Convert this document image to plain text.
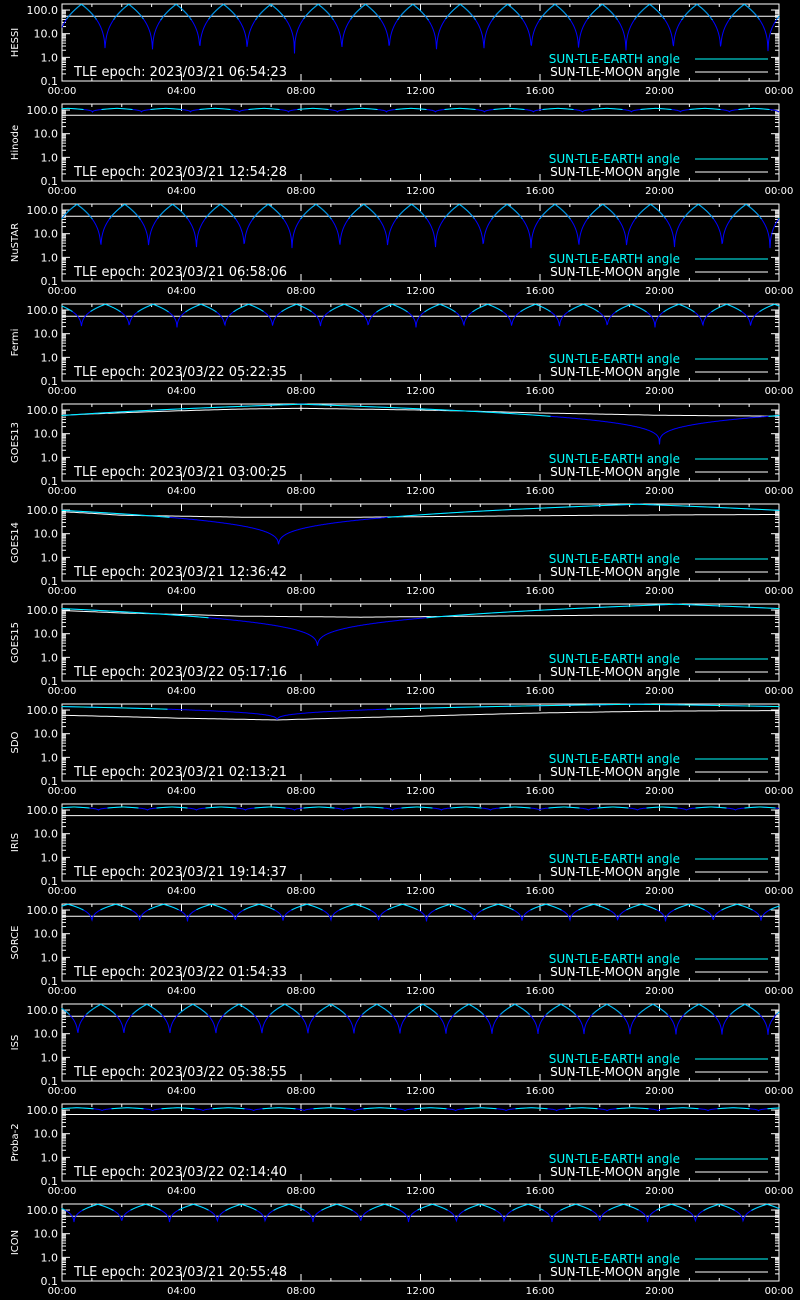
100.0
10.0
1.0
0.1
00:00	04:00	08:00	12:00	16:00	20:00	00:00
HESSI
TLE epoch: 2023/03/21 06:54:23
SUN-TLE-EARTH angle
SUN-TLE-MOON angle
100.0
10.0
1.0
0.1
00:00	04:00	08:00	12:00	16:00	20:00	00:00
Hinode
TLE epoch: 2023/03/21 12:54:28
SUN-TLE-EARTH angle
SUN-TLE-MOON angle
100.0
10.0
1.0
0.1
00:00	04:00	08:00	12:00	16:00	20:00	00:00
NuSTAR
TLE epoch: 2023/03/21 06:58:06
SUN-TLE-EARTH angle
SUN-TLE-MOON angle
100.0
10.0
1.0
0.1
00:00	04:00	08:00	12:00	16:00	20:00	00:00
Fermi
TLE epoch: 2023/03/22 05:22:35
SUN-TLE-EARTH angle
SUN-TLE-MOON angle
100.0
10.0
1.0
0.1
00:00	04:00	08:00	12:00	16:00	20:00	00:00
GOES13
TLE epoch: 2023/03/21 03:00:25
SUN-TLE-EARTH angle
SUN-TLE-MOON angle
100.0
10.0
1.0
0.1
00:00	04:00	08:00	12:00	16:00	20:00	00:00
GOES14
TLE epoch: 2023/03/21 12:36:42
SUN-TLE-EARTH angle
SUN-TLE-MOON angle
100.0
10.0
1.0
0.1
00:00	04:00	08:00	12:00	16:00	20:00	00:00
GOES15
TLE epoch: 2023/03/22 05:17:16
SUN-TLE-EARTH angle
SUN-TLE-MOON angle
100.0
10.0
1.0
0.1
00:00	04:00	08:00	12:00	16:00	20:00	00:00
SDO
TLE epoch: 2023/03/21 02:13:21
SUN-TLE-EARTH angle
SUN-TLE-MOON angle
100.0
10.0
1.0
0.1
00:00	04:00	08:00	12:00	16:00	20:00	00:00
IRIS
TLE epoch: 2023/03/21 19:14:37
SUN-TLE-EARTH angle
SUN-TLE-MOON angle
100.0
10.0
1.0
0.1
00:00	04:00	08:00	12:00	16:00	20:00	00:00
SORCE
TLE epoch: 2023/03/22 01:54:33
SUN-TLE-EARTH angle
SUN-TLE-MOON angle
100.0
10.0
1.0
0.1
00:00	04:00	08:00	12:00	16:00	20:00	00:00
ISS
TLE epoch: 2023/03/22 05:38:55
SUN-TLE-EARTH angle
SUN-TLE-MOON angle
100.0
10.0
1.0
0.1
00:00	04:00	08:00	12:00	16:00	20:00	00:00
Proba-2
TLE epoch: 2023/03/22 02:14:40
SUN-TLE-EARTH angle
SUN-TLE-MOON angle
100.0
10.0
1.0
0.1
00:00	04:00	08:00	12:00	16:00	20:00	00:00
ICON
TLE epoch: 2023/03/21 20:55:48
SUN-TLE-EARTH angle
SUN-TLE-MOON angle
